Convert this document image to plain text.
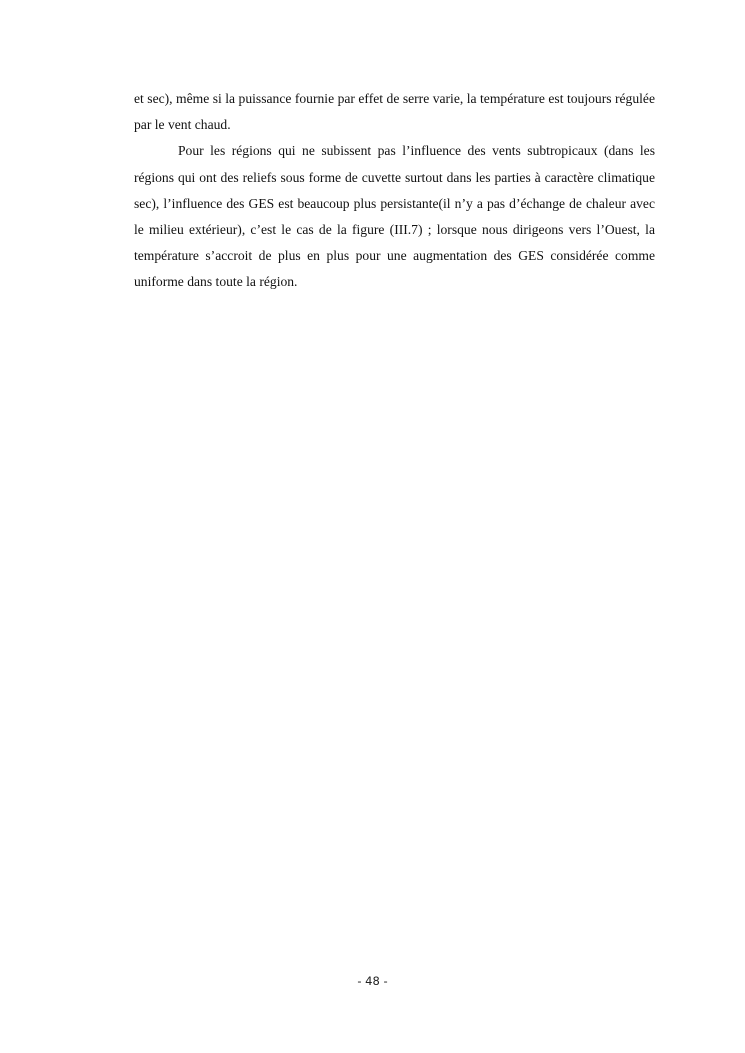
et sec), même si la puissance fournie par effet de serre varie, la température est toujours régulée par le vent chaud.

Pour les régions qui ne subissent pas l’influence des vents subtropicaux (dans les régions qui ont des reliefs sous forme de cuvette surtout dans les parties à caractère climatique sec), l’influence des GES est beaucoup plus persistante(il n’y a pas d’échange de chaleur avec le milieu extérieur), c’est le cas de la figure (III.7) ; lorsque nous dirigeons vers l’Ouest, la température s’accroit de plus en plus pour une augmentation des GES considérée comme uniforme dans toute la région.

- 48 -
